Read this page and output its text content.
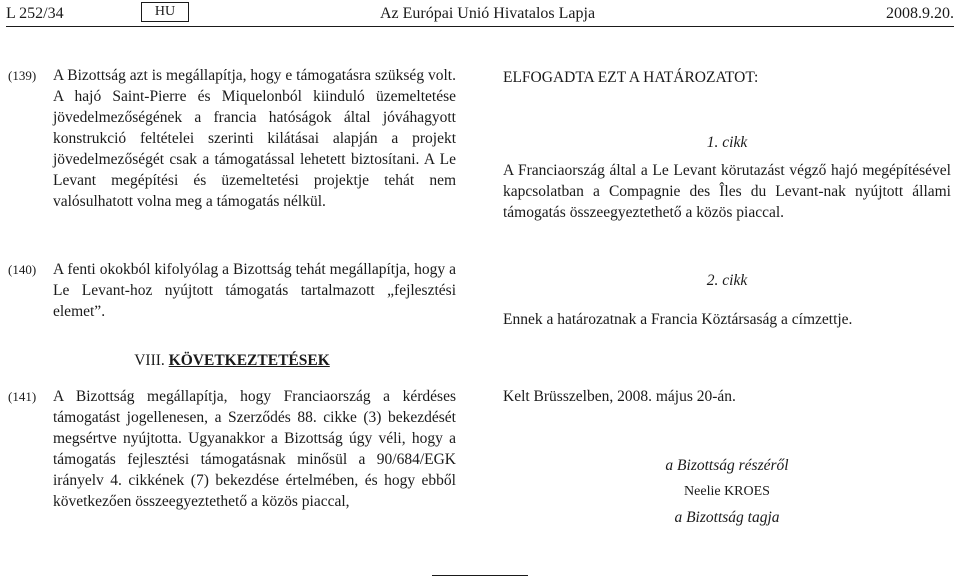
L 252/34	HU	Az Európai Unió Hivatalos Lapja	2008.9.20.
(139) A Bizottság azt is megállapítja, hogy e támogatásra szükség volt. A hajó Saint-Pierre és Miquelonból kiinduló üzemeltetése jövedelmezőségének a francia hatóságok által jóváhagyott konstrukció feltételei szerinti kilátásai alapján a projekt jövedelmezőségét csak a támogatással lehetett biztosítani. A Le Levant megépítési és üzemeltetési projektje tehát nem valósulhatott volna meg a támogatás nélkül.
(140) A fenti okokból kifolyólag a Bizottság tehát megállapítja, hogy a Le Levant-hoz nyújtott támogatás tartalmazott „fejlesztési elemet”.
VIII. KÖVETKEZTETÉSEK
(141) A Bizottság megállapítja, hogy Franciaország a kérdéses támogatást jogellenesen, a Szerződés 88. cikke (3) bekezdését megsértve nyújtotta. Ugyanakkor a Bizottság úgy véli, hogy a támogatás fejlesztési támogatásnak minősül a 90/684/EGK irányelv 4. cikkének (7) bekezdése értelmében, és hogy ebből következően összeegyeztethető a közös piaccal,
ELFOGADTA EZT A HATÁROZATOT:
1. cikk
A Franciaország által a Le Levant körutazást végző hajó megépítésével kapcsolatban a Compagnie des Îles du Levant-nak nyújtott állami támogatás összeegyeztethető a közös piaccal.
2. cikk
Ennek a határozatnak a Francia Köztársaság a címzettje.
Kelt Brüsszelben, 2008. május 20-án.
a Bizottság részéről
Neelie KROES
a Bizottság tagja
